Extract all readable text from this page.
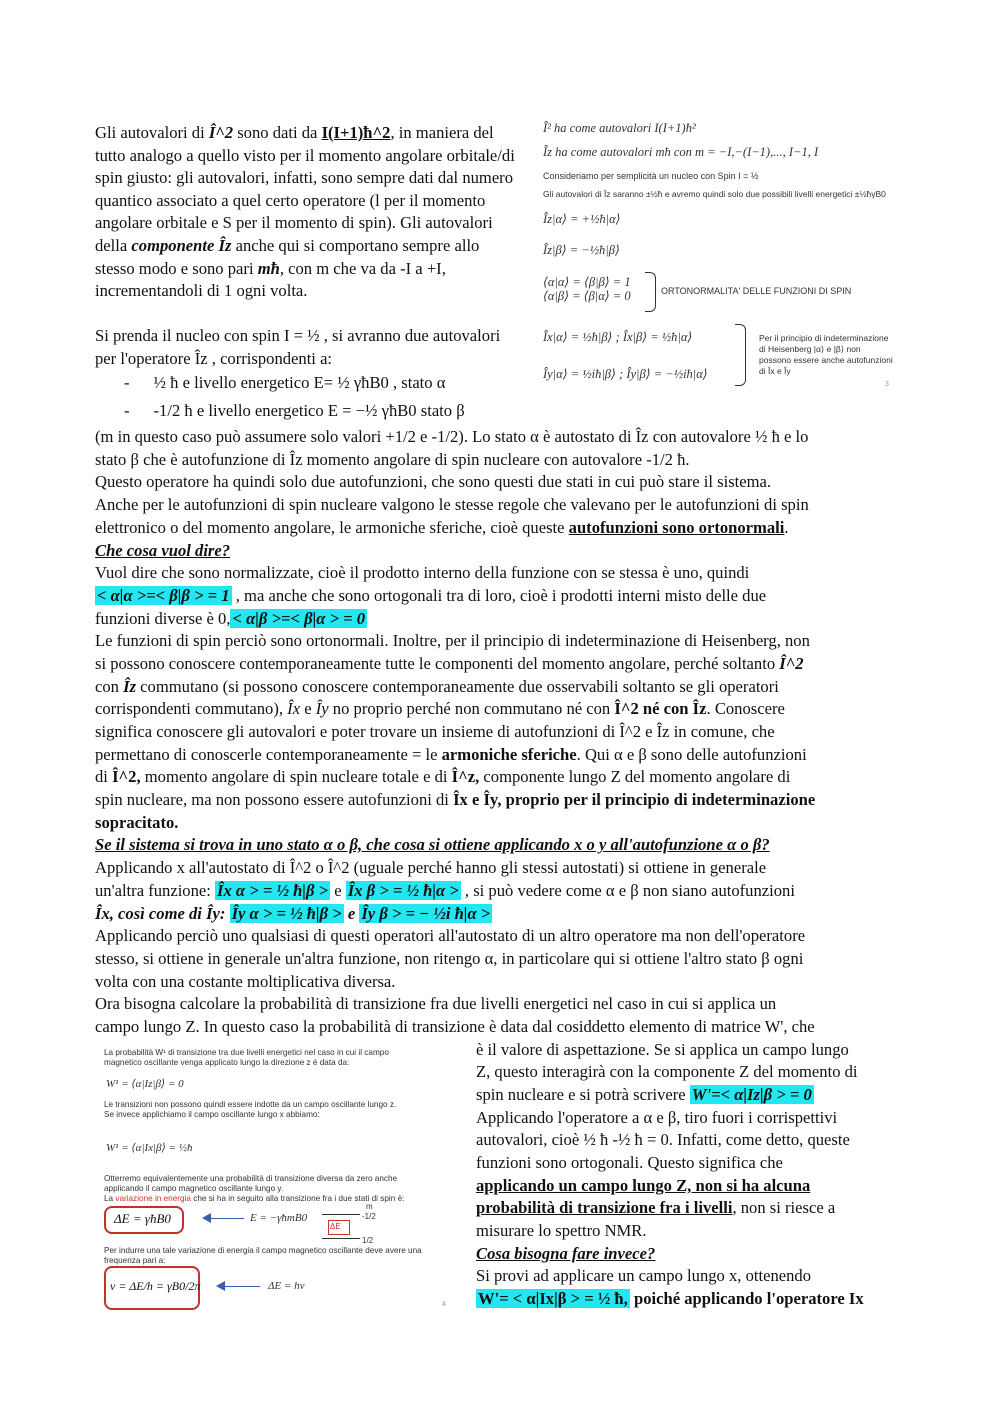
Gli autovalori di Î^2 sono dati da I(I+1)ħ^2, in maniera del tutto analogo a quello visto per il momento angolare orbitale/di spin giusto: gli autovalori, infatti, sono sempre dati dal numero quantico associato a quel certo operatore (l per il momento angolare orbitale e S per il momento di spin). Gli autovalori della componente Îz anche qui si comportano sempre allo stesso modo e sono pari mħ, con m che va da -I a +I, incrementandoli di 1 ogni volta.
Si prenda il nucleo con spin I = ½ , si avranno due autovalori per l'operatore Îz , corrispondenti a:
- ½ ħ e livello energetico E= ½ γħB0 , stato α
- -1/2 ħ e livello energetico E = −½ γħB0 stato β
Î² ha come autovalori I(I+1)ħ²
Îz ha come autovalori mħ con m = −I,−(I−1),..., I−1, I
Consideriamo per semplicità un nucleo con Spin I = ½
Gli autovalori di Îz saranno ±½ħ e avremo quindi solo due possibili livelli energetici ±½ħγB0
Îz|α⟩ = +½ħ|α⟩
Îz|β⟩ = −½ħ|β⟩
⟨α|α⟩ = ⟨β|β⟩ = 1
⟨α|β⟩ = ⟨β|α⟩ = 0	ORTONORMALITA' DELLE FUNZIONI DI SPIN
Îx|α⟩ = ½ħ|β⟩ ; Îx|β⟩ = ½ħ|α⟩
Îy|α⟩ = ½iħ|β⟩ ; Îy|β⟩ = −½iħ|α⟩
Per il principio di indeterminazione
di Heisenberg |α⟩ e |β⟩ non
possono essere anche autofunzioni
di Îx e Îy
3
(m in questo caso può assumere solo valori +1/2 e -1/2). Lo stato α è autostato di Îz con autovalore ½ ħ e lo
stato β che è autofunzione di Îz momento angolare di spin nucleare con autovalore -1/2 ħ.
Questo operatore ha quindi solo due autofunzioni, che sono questi due stati in cui può stare il sistema.
Anche per le autofunzioni di spin nucleare valgono le stesse regole che valevano per le autofunzioni di spin
elettronico o del momento angolare, le armoniche sferiche, cioè queste autofunzioni sono ortonormali.
Che cosa vuol dire?
Vuol dire che sono normalizzate, cioè il prodotto interno della funzione con se stessa è uno, quindi
< α|α >=< β|β > = 1 , ma anche che sono ortogonali tra di loro, cioè i prodotti interni misto delle due
funzioni diverse è 0, < α|β >=< β|α > = 0
Le funzioni di spin perciò sono ortonormali. Inoltre, per il principio di indeterminazione di Heisenberg, non
si possono conoscere contemporaneamente tutte le componenti del momento angolare, perché soltanto Î^2
con Îz commutano (si possono conoscere contemporaneamente due osservabili soltanto se gli operatori
corrispondenti commutano), Îx e Îy no proprio perché non commutano né con Î^2 né con Îz. Conoscere
significa conoscere gli autovalori e poter trovare un insieme di autofunzioni di Î^2 e Îz in comune, che
permettano di conoscerle contemporaneamente = le armoniche sferiche. Qui α e β sono delle autofunzioni
di Î^2, momento angolare di spin nucleare totale e di Î^z, componente lungo Z del momento angolare di
spin nucleare, ma non possono essere autofunzioni di Îx e Îy, proprio per il principio di indeterminazione
sopracitato.
Se il sistema si trova in uno stato α o β, che cosa si ottiene applicando x o y all'autofunzione α o β?
Applicando x all'autostato di Î^2 o Î^2 (uguale perché hanno gli stessi autostati) si ottiene in generale
un'altra funzione: Îx α > = ½ ħ|β > e Îx β > = ½ ħ|α > , si può vedere come α e β non siano autofunzioni
Îx, così come di Îy: Îy α > = ½ ħ|β > e Îy β > = − ½i ħ|α >
Applicando perciò uno qualsiasi di questi operatori all'autostato di un altro operatore ma non dell'operatore
stesso, si ottiene in generale un'altra funzione, non ritengo α, in particolare qui si ottiene l'altro stato β ogni
volta con una costante moltiplicativa diversa.
Ora bisogna calcolare la probabilità di transizione fra due livelli energetici nel caso in cui si applica un
campo lungo Z. In questo caso la probabilità di transizione è data dal cosiddetto elemento di matrice W', che
La probabilità W¹ di transizione tra due livelli energetici nel caso in cui il campo
magnetico oscillante venga applicato lungo la direzione z è data da:
W¹ = ⟨α|Iz|β⟩ = 0
Le transizioni non possono quindi essere indotte da un campo oscillante lungo z.
Se invece applichiamo il campo oscillante lungo x abbiamo:
W¹ = ⟨α|Ix|β⟩ = ½ħ
Otterremo equivalentemente una probabilità di transizione diversa da zero anche
applicando il campo magnetico oscillante lungo y.
La variazione in energia che si ha in seguito alla transizione fra i due stati di spin è:
ΔE = γħB0	E = −γħmB0
m
-1/2
1/2
ΔE
Per indurre una tale variazione di energia il campo magnetico oscillante deve avere una
frequenza pari a:
ν = ΔE/h = γB0/2π	ΔE = hν
4
è il valore di aspettazione. Se si applica un campo lungo
Z, questo interagirà con la componente Z del momento di
spin nucleare e si potrà scrivere W'=< α|Iz|β > = 0
Applicando l'operatore a α e β, tiro fuori i corrispettivi
autovalori, cioè ½ ħ -½ ħ = 0. Infatti, come detto, queste
funzioni sono ortogonali. Questo significa che
applicando un campo lungo Z, non si ha alcuna
probabilità di transizione fra i livelli, non si riesce a
misurare lo spettro NMR.
Cosa bisogna fare invece?
Si provi ad applicare un campo lungo x, ottenendo
W'= < α|Ix|β > = ½ ħ, poiché applicando l'operatore Ix
